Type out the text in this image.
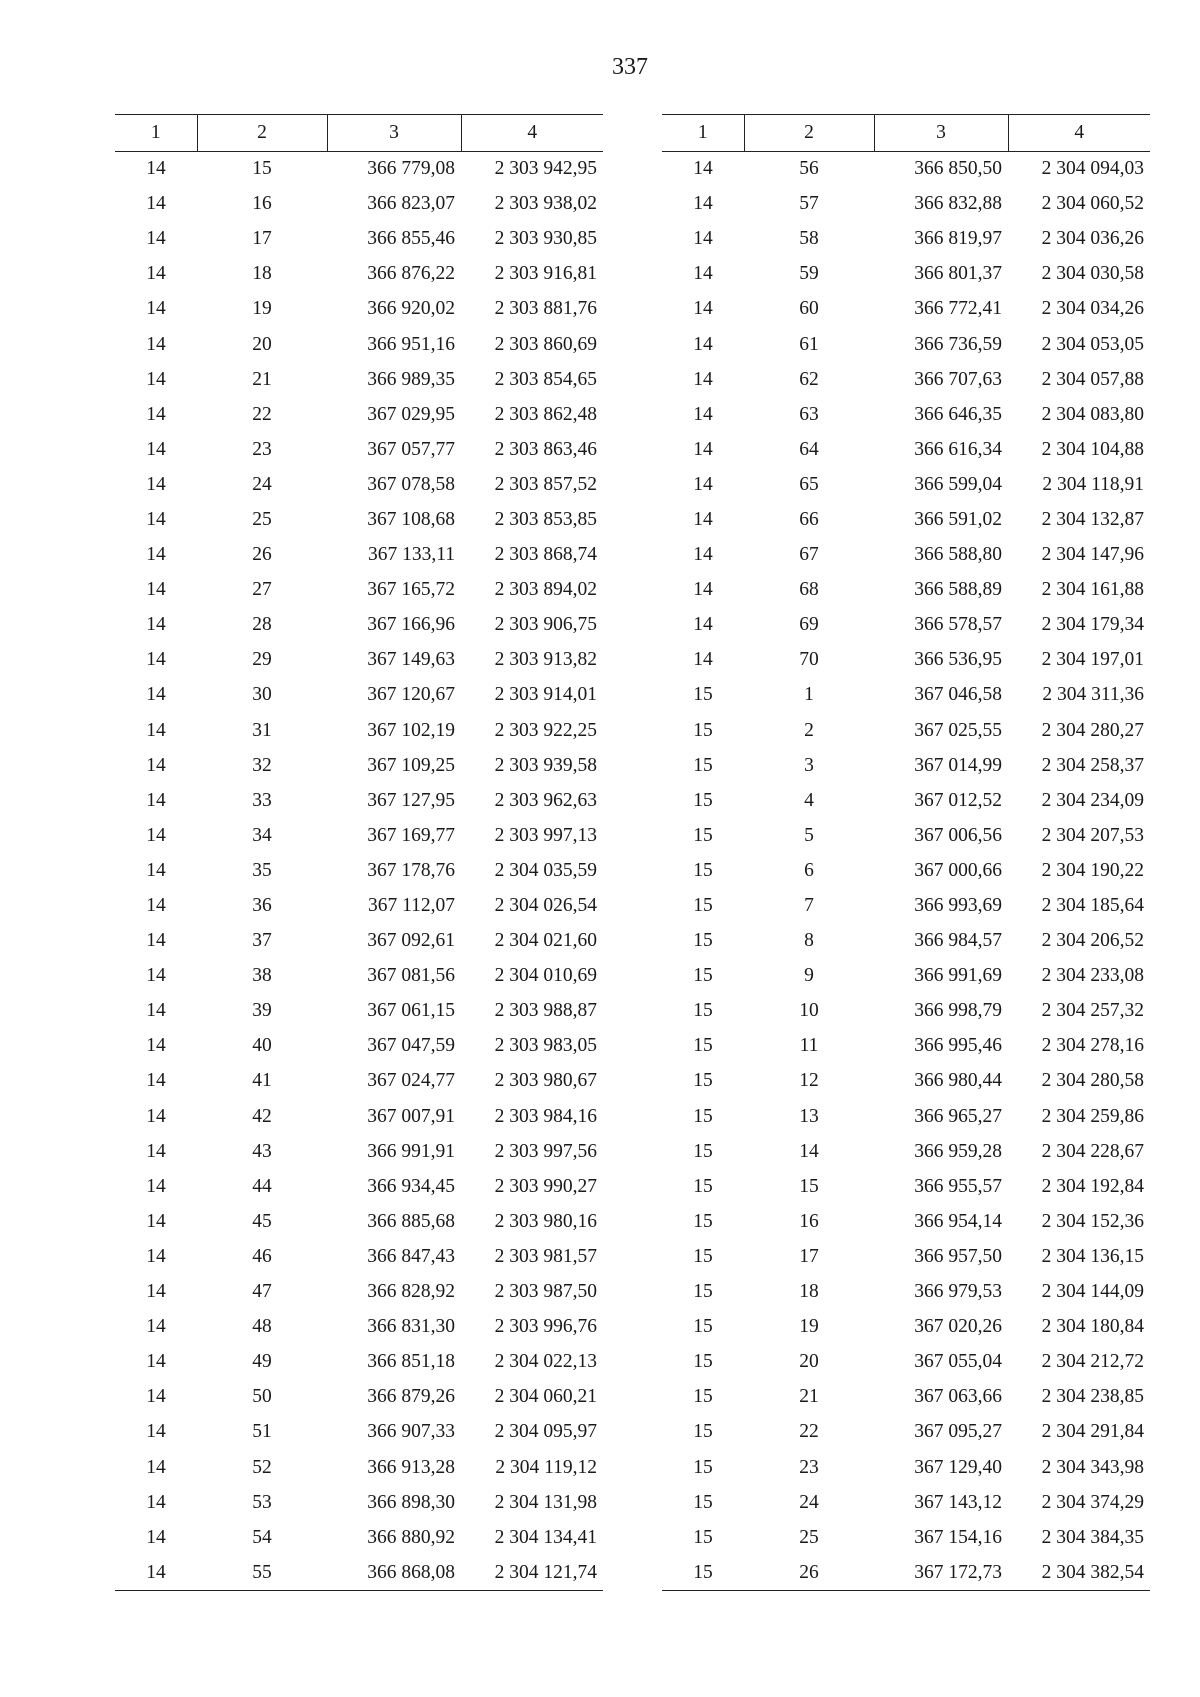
337
1	2	3	4
14	15	366 779,08	2 303 942,95
14	16	366 823,07	2 303 938,02
14	17	366 855,46	2 303 930,85
14	18	366 876,22	2 303 916,81
14	19	366 920,02	2 303 881,76
14	20	366 951,16	2 303 860,69
14	21	366 989,35	2 303 854,65
14	22	367 029,95	2 303 862,48
14	23	367 057,77	2 303 863,46
14	24	367 078,58	2 303 857,52
14	25	367 108,68	2 303 853,85
14	26	367 133,11	2 303 868,74
14	27	367 165,72	2 303 894,02
14	28	367 166,96	2 303 906,75
14	29	367 149,63	2 303 913,82
14	30	367 120,67	2 303 914,01
14	31	367 102,19	2 303 922,25
14	32	367 109,25	2 303 939,58
14	33	367 127,95	2 303 962,63
14	34	367 169,77	2 303 997,13
14	35	367 178,76	2 304 035,59
14	36	367 112,07	2 304 026,54
14	37	367 092,61	2 304 021,60
14	38	367 081,56	2 304 010,69
14	39	367 061,15	2 303 988,87
14	40	367 047,59	2 303 983,05
14	41	367 024,77	2 303 980,67
14	42	367 007,91	2 303 984,16
14	43	366 991,91	2 303 997,56
14	44	366 934,45	2 303 990,27
14	45	366 885,68	2 303 980,16
14	46	366 847,43	2 303 981,57
14	47	366 828,92	2 303 987,50
14	48	366 831,30	2 303 996,76
14	49	366 851,18	2 304 022,13
14	50	366 879,26	2 304 060,21
14	51	366 907,33	2 304 095,97
14	52	366 913,28	2 304 119,12
14	53	366 898,30	2 304 131,98
14	54	366 880,92	2 304 134,41
14	55	366 868,08	2 304 121,74
1	2	3	4
14	56	366 850,50	2 304 094,03
14	57	366 832,88	2 304 060,52
14	58	366 819,97	2 304 036,26
14	59	366 801,37	2 304 030,58
14	60	366 772,41	2 304 034,26
14	61	366 736,59	2 304 053,05
14	62	366 707,63	2 304 057,88
14	63	366 646,35	2 304 083,80
14	64	366 616,34	2 304 104,88
14	65	366 599,04	2 304 118,91
14	66	366 591,02	2 304 132,87
14	67	366 588,80	2 304 147,96
14	68	366 588,89	2 304 161,88
14	69	366 578,57	2 304 179,34
14	70	366 536,95	2 304 197,01
15	1	367 046,58	2 304 311,36
15	2	367 025,55	2 304 280,27
15	3	367 014,99	2 304 258,37
15	4	367 012,52	2 304 234,09
15	5	367 006,56	2 304 207,53
15	6	367 000,66	2 304 190,22
15	7	366 993,69	2 304 185,64
15	8	366 984,57	2 304 206,52
15	9	366 991,69	2 304 233,08
15	10	366 998,79	2 304 257,32
15	11	366 995,46	2 304 278,16
15	12	366 980,44	2 304 280,58
15	13	366 965,27	2 304 259,86
15	14	366 959,28	2 304 228,67
15	15	366 955,57	2 304 192,84
15	16	366 954,14	2 304 152,36
15	17	366 957,50	2 304 136,15
15	18	366 979,53	2 304 144,09
15	19	367 020,26	2 304 180,84
15	20	367 055,04	2 304 212,72
15	21	367 063,66	2 304 238,85
15	22	367 095,27	2 304 291,84
15	23	367 129,40	2 304 343,98
15	24	367 143,12	2 304 374,29
15	25	367 154,16	2 304 384,35
15	26	367 172,73	2 304 382,54
